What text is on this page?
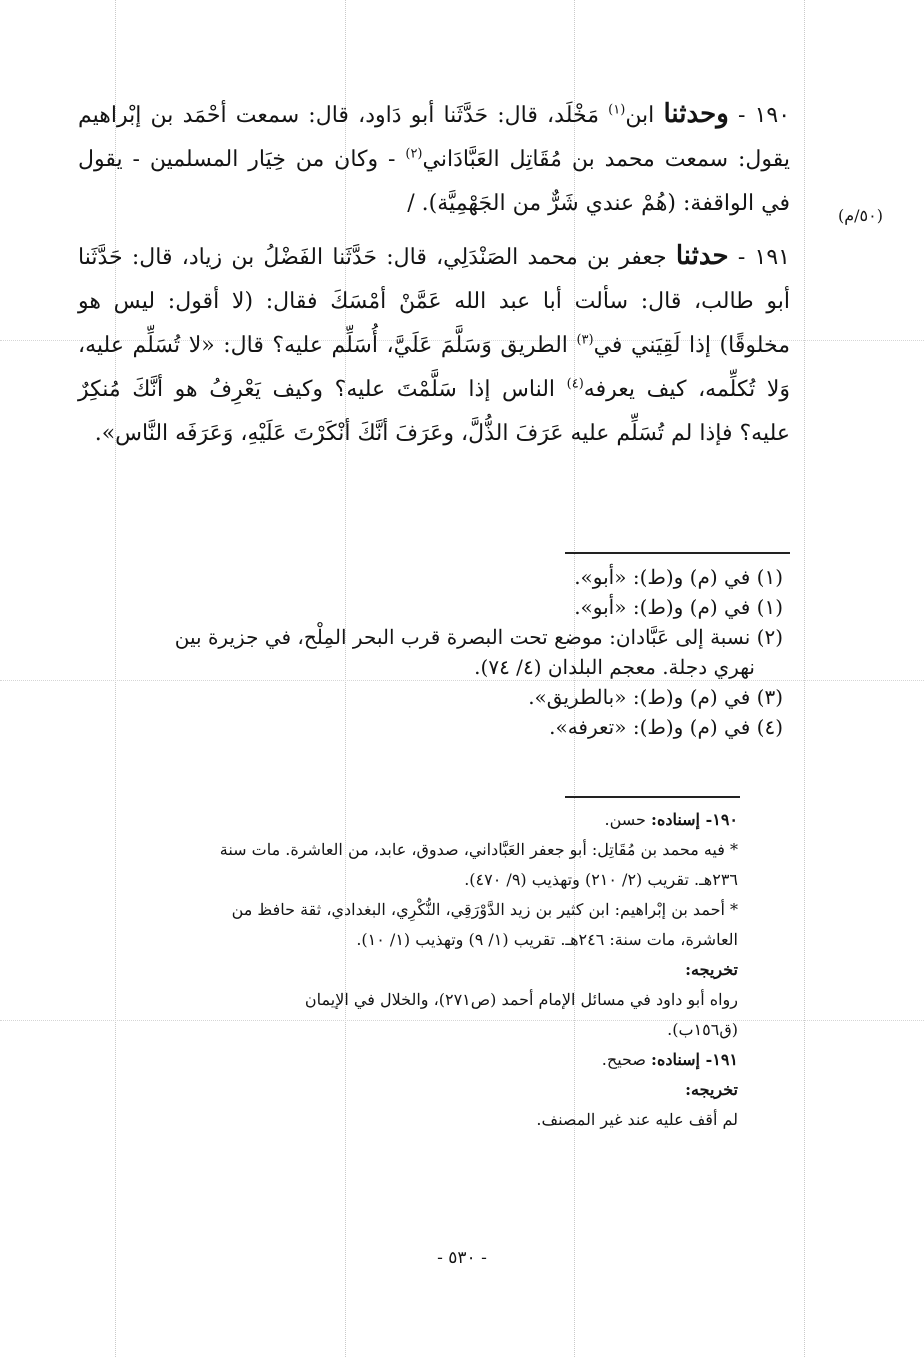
(٥٠/م)

١٩٠ - وحدثنا ابن$^{(١)}$ مَخْلَد، قال: حَدَّثَنا أبو دَاود، قال: سمعت أحْمَد بن إبْراهيم يقول: سمعت محمد بن مُقَاتِل العَبَّادَاني$^{(٢)}$ - وكان من خِيَار المسلمين - يقول في الواقفة: (هُمْ عندي شَرٌّ من الجَهْمِيَّة). /

١٩١ - حدثنا جعفر بن محمد الصَنْدَلِي، قال: حَدَّثَنا الفَضْلُ بن زياد، قال: حَدَّثَنا أبو طالب، قال: سألت أبا عبد الله عَمَّنْ أمْسَكَ فقال: (لا أقول: ليس هو مخلوقًا) إذا لَقِيَني في$^{(٣)}$ الطريق وَسَلَّمَ عَلَيَّ، أُسَلِّم عليه؟ قال: «لا تُسَلِّم عليه، وَلا تُكلِّمه، كيف يعرفه$^{(٤)}$ الناس إذا سَلَّمْتَ عليه؟ وكيف يَعْرِفُ هو أنَّكَ مُنكِرٌ عليه؟ فإذا لم تُسَلِّم عليه عَرَفَ الذُّلَّ، وعَرَفَ أنَّكَ أنْكَرْتَ عَلَيْهِ، وَعَرَفَه النَّاس».

(١) في (م) و(ط): «أبو».

(١) في (م) و(ط): «أبو».

(٢) نسبة إلى عَبَّادان: موضع تحت البصرة قرب البحر المِلْح، في جزيرة بين

نهري دجلة. معجم البلدان (٤/ ٧٤).

(٣) في (م) و(ط): «بالطريق».

(٤) في (م) و(ط): «تعرفه».

١٩٠- إسناده: حسن.

* فيه محمد بن مُقَاتِل: أبو جعفر العَبَّاداني، صدوق، عابد، من العاشرة. مات سنة

٢٣٦هـ. تقريب (٢/ ٢١٠) وتهذيب (٩/ ٤٧٠).

* أحمد بن إبْراهيم: ابن كثير بن زيد الدَّوْرَقِي، النُّكْرِي، البغدادي، ثقة حافظ من

العاشرة، مات سنة: ٢٤٦هـ. تقريب (١/ ٩) وتهذيب (١/ ١٠).

تخريجه:

رواه أبو داود في مسائل الإمام أحمد (ص٢٧١)، والخلال في الإيمان

(ق١٥٦ب).

١٩١- إسناده: صحيح.

تخريجه:

لم أقف عليه عند غير المصنف.

- ٥٣٠ -
